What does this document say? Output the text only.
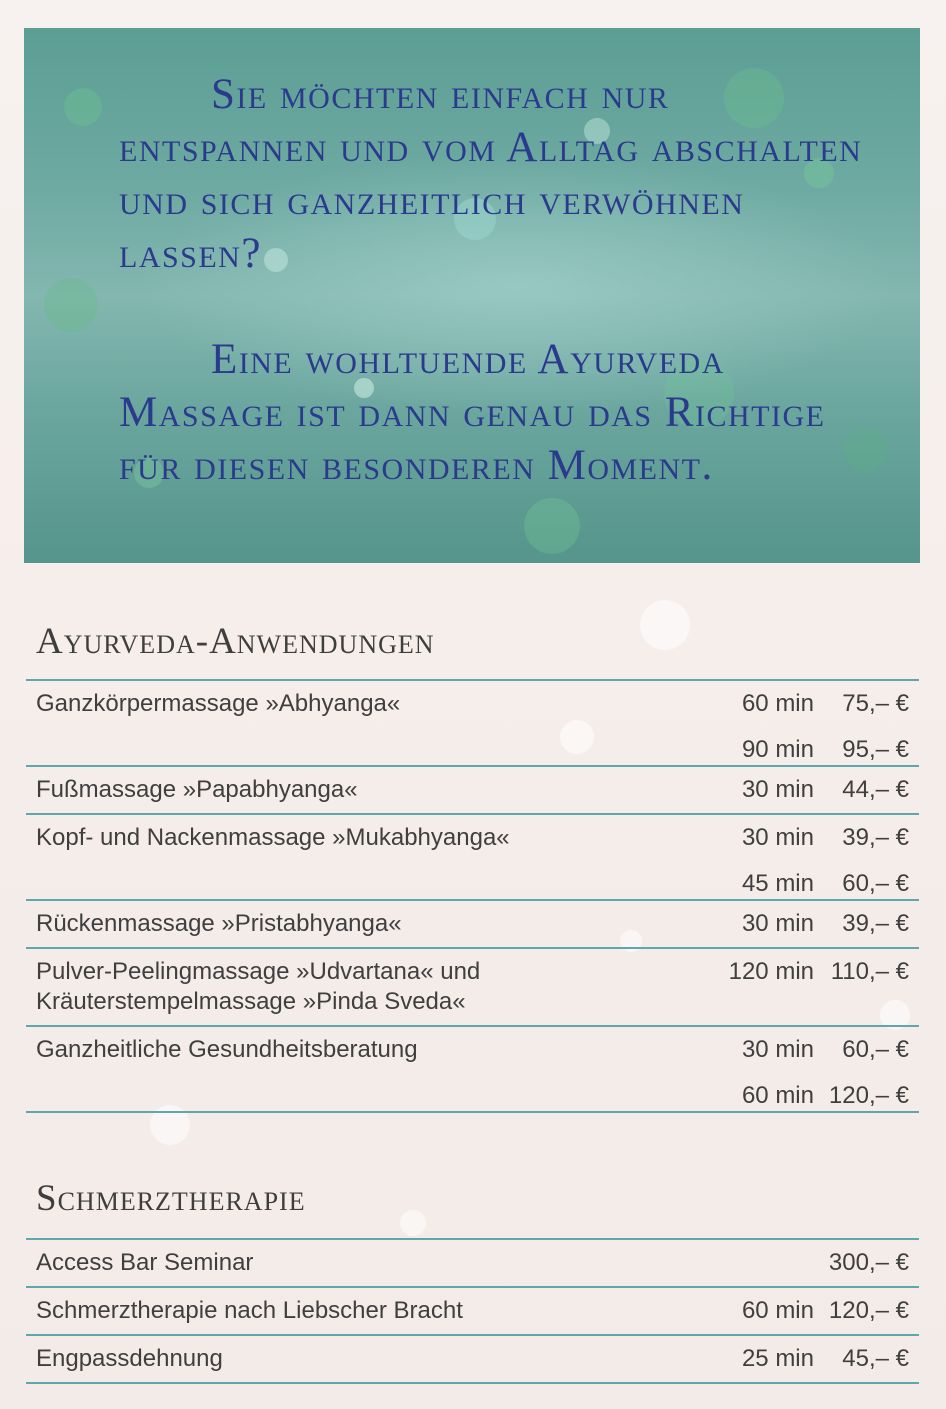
Sie möchten einfach nur entspannen und vom Alltag abschalten und sich ganzheitlich verwöhnen lassen?

Eine wohltuende Ayurveda Massage ist dann genau das Richtige für diesen besonderen Moment.

Ayurveda-Anwendungen
Ganzkörpermassage »Abhyanga«	60 min	75,– €
90 min	95,– €
Fußmassage »Papabhyanga«	30 min	44,– €
Kopf- und Nackenmassage »Mukabhyanga«	30 min	39,– €
45 min	60,– €
Rückenmassage »Pristabhyanga«	30 min	39,– €
Pulver-Peelingmassage »Udvartana« und
Kräuterstempelmassage »Pinda Sveda«
120 min 110,– €
Ganzheitliche Gesundheitsberatung	30 min	60,– €
60 min 120,– €
Schmerztherapie
Access Bar Seminar	300,– €
Schmerztherapie nach Liebscher Bracht	60 min 120,– €
Engpassdehnung	25 min	45,– €
